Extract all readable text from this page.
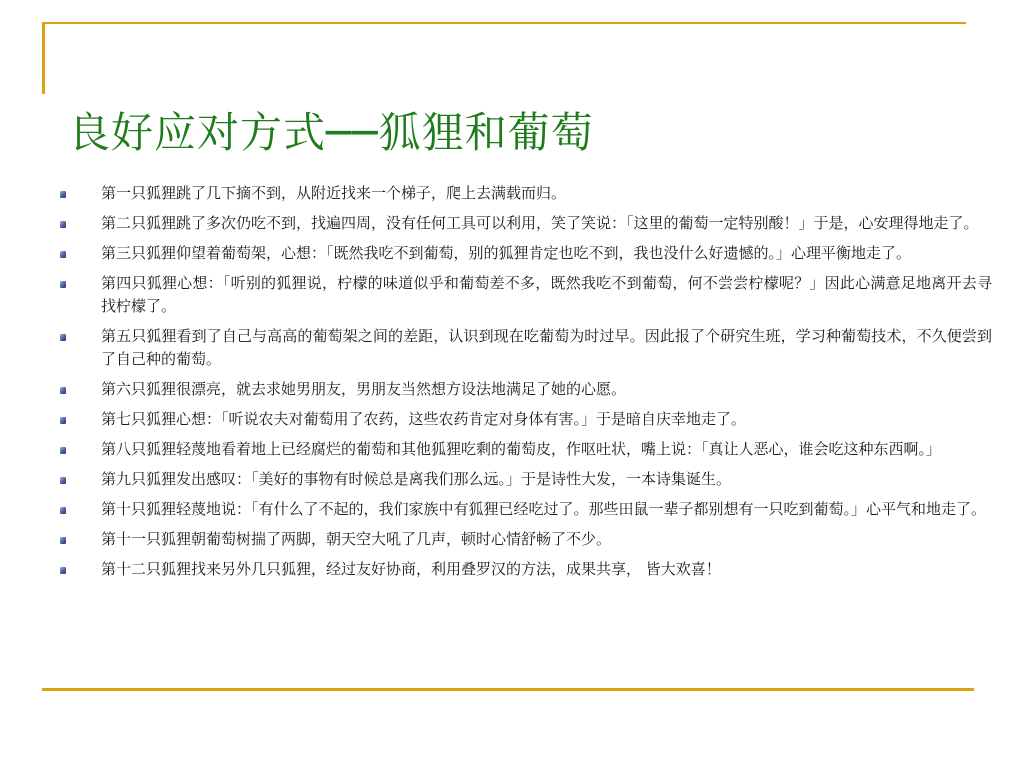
良好应对方式──狐狸和葡萄
第一只狐狸跳了几下摘不到，从附近找来一个梯子，爬上去满载而归。
第二只狐狸跳了多次仍吃不到，找遍四周，没有任何工具可以利用，笑了笑说：「这里的葡萄一定特别酸！」于是，心安理得地走了。
第三只狐狸仰望着葡萄架，心想：「既然我吃不到葡萄，别的狐狸肯定也吃不到，我也没什么好遗憾的。」心理平衡地走了。
第四只狐狸心想：「听别的狐狸说，柠檬的味道似乎和葡萄差不多，既然我吃不到葡萄，何不尝尝柠檬呢？」因此心满意足地离开去寻找柠檬了。
第五只狐狸看到了自己与高高的葡萄架之间的差距，认识到现在吃葡萄为时过早。因此报了个研究生班，学习种葡萄技术，不久便尝到了自己种的葡萄。
第六只狐狸很漂亮，就去求她男朋友，男朋友当然想方设法地满足了她的心愿。
第七只狐狸心想：「听说农夫对葡萄用了农药，这些农药肯定对身体有害。」于是暗自庆幸地走了。
第八只狐狸轻蔑地看着地上已经腐烂的葡萄和其他狐狸吃剩的葡萄皮，作呕吐状，嘴上说：「真让人恶心，谁会吃这种东西啊。」
第九只狐狸发出感叹：「美好的事物有时候总是离我们那么远。」于是诗性大发，一本诗集诞生。
第十只狐狸轻蔑地说：「有什么了不起的，我们家族中有狐狸已经吃过了。那些田鼠一辈子都别想有一只吃到葡萄。」心平气和地走了。
第十一只狐狸朝葡萄树揣了两脚，朝天空大吼了几声，顿时心情舒畅了不少。
第十二只狐狸找来另外几只狐狸，经过友好协商，利用叠罗汉的方法，成果共享， 皆大欢喜！
